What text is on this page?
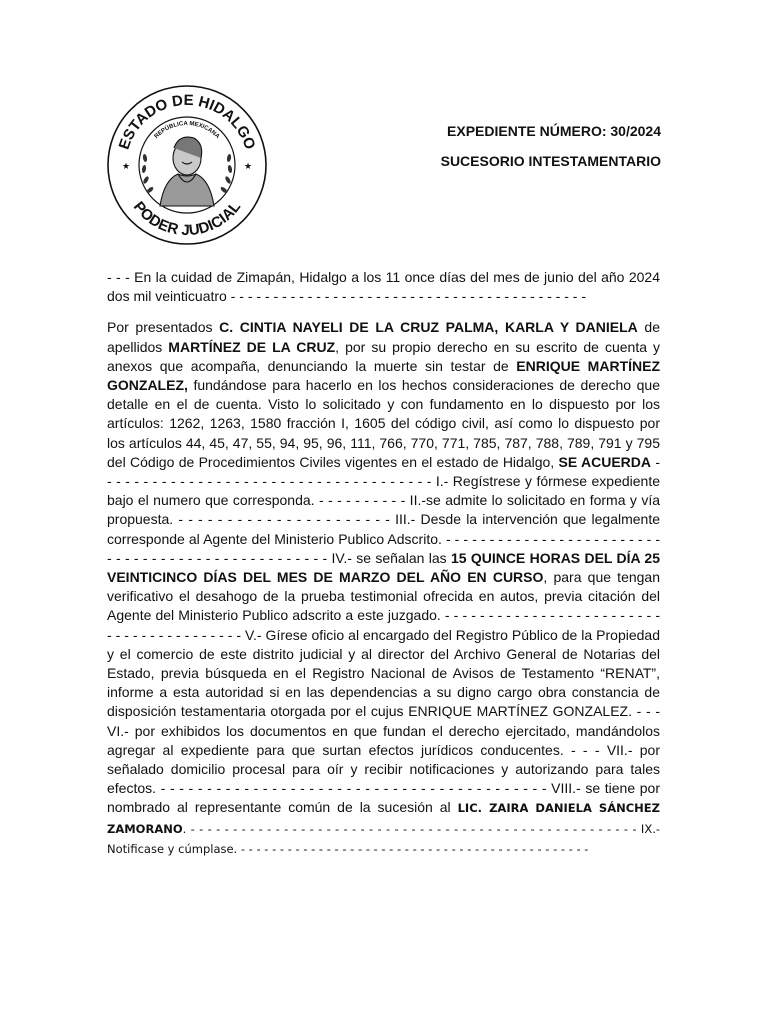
ESTADO DE HIDALGO
PODER JUDICIAL
REPÚBLICA MEXICANA
★	★
EXPEDIENTE NÚMERO: 30/2024
SUCESORIO INTESTAMENTARIO

- - - En la cuidad de Zimapán, Hidalgo a los 11 once días del mes de junio del año 2024 dos mil veinticuatro - - - - - - - - - - - - - - - - - - - - - - - - - - - - - - - - - - - - - - - - - -

Por presentados C. CINTIA NAYELI DE LA CRUZ PALMA, KARLA Y DANIELA de apellidos MARTÍNEZ DE LA CRUZ, por su propio derecho en su escrito de cuenta y anexos que acompaña, denunciando la muerte sin testar de ENRIQUE MARTÍNEZ GONZALEZ, fundándose para hacerlo en los hechos consideraciones de derecho que detalle en el de cuenta. Visto lo solicitado y con fundamento en lo dispuesto por los artículos: 1262, 1263, 1580 fracción I, 1605 del código civil, así como lo dispuesto por los artículos 44, 45, 47, 55, 94, 95, 96, 111, 766, 770, 771, 785, 787, 788, 789, 791 y 795 del Código de Procedimientos Civiles vigentes en el estado de Hidalgo, SE ACUERDA - - - - - - - - - - - - - - - - - - - - - - - - - - - - - - - - - - - - - I.- Regístrese y fórmese expediente bajo el numero que corresponda. - - - - - - - - - - II.-se admite lo solicitado en forma y vía propuesta. - - - - - - - - - - - - - - - - - - - - - - III.- Desde la intervención que legalmente corresponde al Agente del Ministerio Publico Adscrito. - - - - - - - - - - - - - - - - - - - - - - - - - - - - - - - - - - - - - - - - - - - - - - - - - - IV.- se señalan las 15 QUINCE HORAS DEL DÍA 25 VEINTICINCO DÍAS DEL MES DE MARZO DEL AÑO EN CURSO, para que tengan verificativo el desahogo de la prueba testimonial ofrecida en autos, previa citación del Agente del Ministerio Publico adscrito a este juzgado. - - - - - - - - - - - - - - - - - - - - - - - - - - - - - - - - - - - - - - - - - V.- Gírese oficio al encargado del Registro Público de la Propiedad y el comercio de este distrito judicial y al director del Archivo General de Notarias del Estado, previa búsqueda en el Registro Nacional de Avisos de Testamento “RENAT”, informe a esta autoridad si en las dependencias a su digno cargo obra constancia de disposición testamentaria otorgada por el cujus ENRIQUE MARTÍNEZ GONZALEZ. - - - VI.- por exhibidos los documentos en que fundan el derecho ejercitado, mandándolos agregar al expediente para que surtan efectos jurídicos conducentes. - - - VII.- por señalado domicilio procesal para oír y recibir notificaciones y autorizando para tales efectos. - - - - - - - - - - - - - - - - - - - - - - - - - - - - - - - - - - - - - - - - - - VIII.- se tiene por nombrado al representante común de la sucesión al LIC. ZAIRA DANIELA SÁNCHEZ ZAMORANO. - - - - - - - - - - - - - - - - - - - - - - - - - - - - - - - - - - - - - - - - - - - - - - - - - - - - - IX.- Notificase y cúmplase. - - - - - - - - - - - - - - - - - - - - - - - - - - - - - - - - - - - - - - - - - - - - -
